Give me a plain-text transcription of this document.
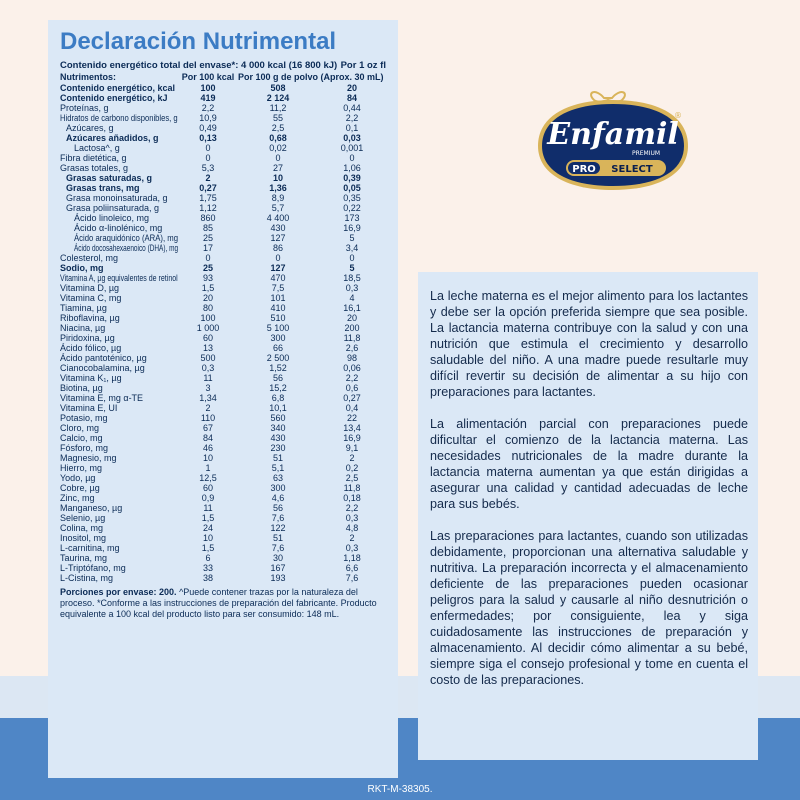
Declaración Nutrimental
Contenido energético total del envase*: 4 000 kcal (16 800 kJ) Por 1 oz fl
Nutrimentos:	Por 100 kcal	Por 100 g de polvo	(Aprox. 30 mL)
Contenido energético, kcal	100	508	20
Contenido energético, kJ	419	2 124	84
Proteínas, g	2,2	11,2	0,44
Hidratos de carbono disponibles, g	10,9	55	2,2
Azúcares, g	0,49	2,5	0,1
Azúcares añadidos, g	0,13	0,68	0,03
Lactosa^, g	0	0,02	0,001
Fibra dietética, g	0	0	0
Grasas totales, g	5,3	27	1,06
Grasas saturadas, g	2	10	0,39
Grasas trans, mg	0,27	1,36	0,05
Grasa monoinsaturada, g	1,75	8,9	0,35
Grasa poliinsaturada, g	1,12	5,7	0,22
Ácido linoleico, mg	860	4 400	173
Ácido α-linolénico, mg	85	430	16,9
Ácido araquidónico (ARA), mg	25	127	5
Ácido docosahexaenoico (DHA), mg	17	86	3,4
Colesterol, mg	0	0	0
Sodio, mg	25	127	5
Vitamina A, µg equivalentes de retinol	93	470	18,5
Vitamina D, µg	1,5	7,5	0,3
Vitamina C, mg	20	101	4
Tiamina, µg	80	410	16,1
Riboflavina, µg	100	510	20
Niacina, µg	1 000	5 100	200
Piridoxina, µg	60	300	11,8
Ácido fólico, µg	13	66	2,6
Ácido pantoténico, µg	500	2 500	98
Cianocobalamina, µg	0,3	1,52	0,06
Vitamina K₁, µg	11	56	2,2
Biotina, µg	3	15,2	0,6
Vitamina E, mg α-TE	1,34	6,8	0,27
Vitamina E, UI	2	10,1	0,4
Potasio, mg	110	560	22
Cloro, mg	67	340	13,4
Calcio, mg	84	430	16,9
Fósforo, mg	46	230	9,1
Magnesio, mg	10	51	2
Hierro, mg	1	5,1	0,2
Yodo, µg	12,5	63	2,5
Cobre, µg	60	300	11,8
Zinc, mg	0,9	4,6	0,18
Manganeso, µg	11	56	2,2
Selenio, µg	1,5	7,6	0,3
Colina, mg	24	122	4,8
Inositol, mg	10	51	2
L-carnitina, mg	1,5	7,6	0,3
Taurina, mg	6	30	1,18
L-Triptófano, mg	33	167	6,6
L-Cistina, mg	38	193	7,6
Porciones por envase: 200. ^Puede contener trazas por la naturaleza del proceso. *Conforme a las instrucciones de preparación del fabricante. Producto equivalente a 100 kcal del producto listo para ser consumido: 148 mL.
Enfamil
®
PREMIUM
PRO SELECT

La leche materna es el mejor alimento para los lactantes y debe ser la opción preferida siempre que sea posible. La lactancia materna contribuye con la salud y con una nutrición que estimula el crecimiento y desarrollo saludable del niño. A una madre puede resultarle muy difícil revertir su decisión de alimentar a su hijo con preparaciones para lactantes.

La alimentación parcial con preparaciones puede dificultar el comienzo de la lactancia materna. Las necesidades nutricionales de la madre durante la lactancia materna aumentan ya que están dirigidas a asegurar una calidad y cantidad adecuadas de leche para sus bebés.

Las preparaciones para lactantes, cuando son utilizadas debidamente, proporcionan una alternativa saludable y nutritiva. La preparación incorrecta y el almacenamiento deficiente de las preparaciones pueden ocasionar peligros para la salud y causarle al niño desnutrición o enfermedades; por consiguiente, lea y siga cuidadosamente las instrucciones de preparación y almacenamiento. Al decidir cómo alimentar a su bebé, siempre siga el consejo profesional y tome en cuenta el costo de las preparaciones.

RKT-M-38305.
